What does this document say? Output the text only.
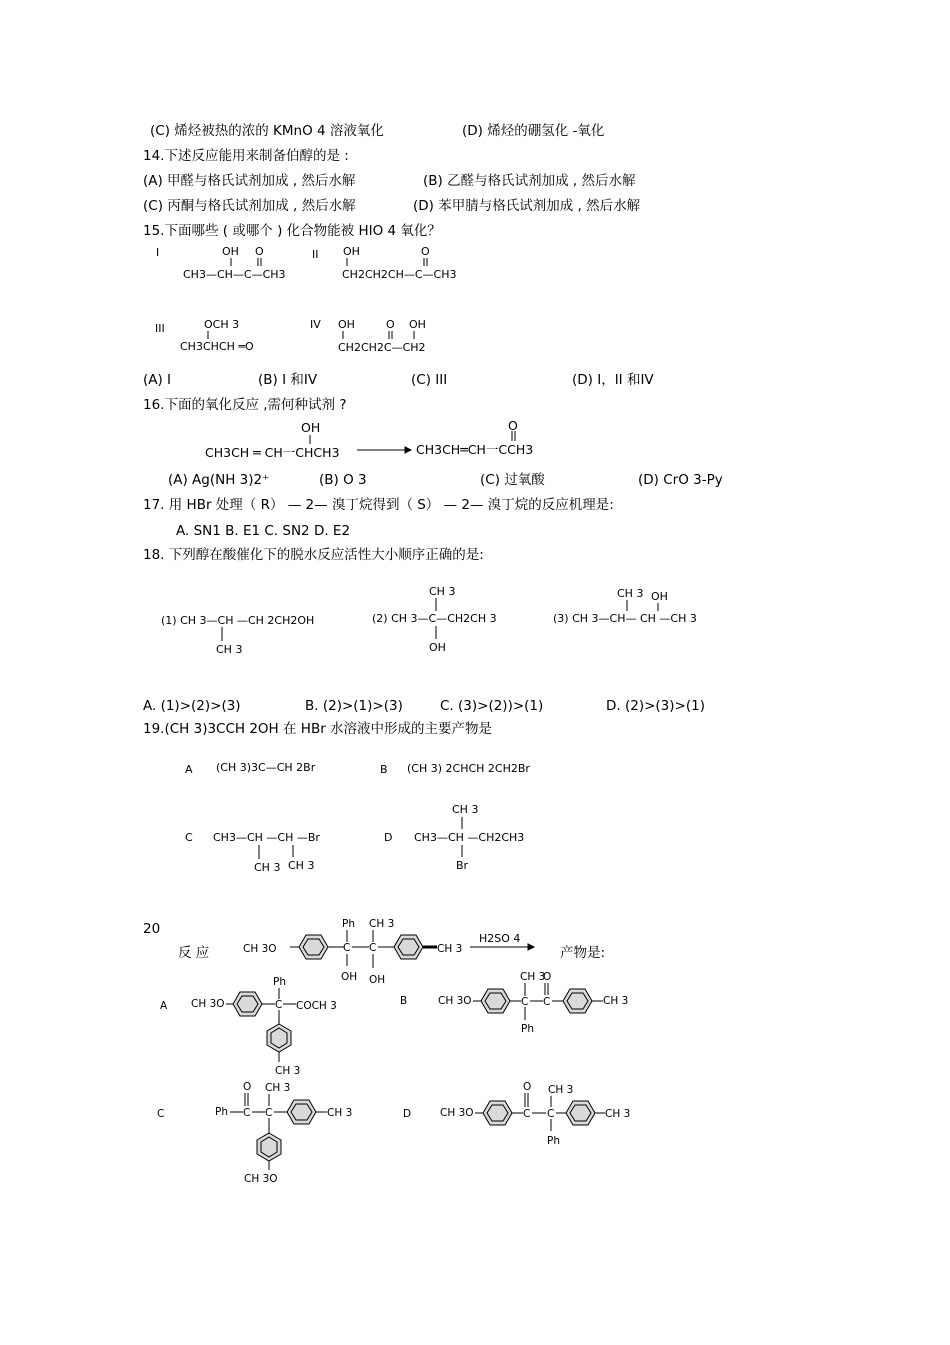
(C) 烯烃被热的浓的 KMnO 4 溶液氧化	(D) 烯烃的硼氢化 -氧化
14.下述反应能用来制备伯醇的是 :
(A) 甲醛与格氏试剂加成 , 然后水解	(B) 乙醛与格氏试剂加成 , 然后水解
(C) 丙酮与格氏试剂加成 , 然后水解	(D) 苯甲腈与格氏试剂加成 , 然后水解
15.下面哪些 ( 或哪个 ) 化合物能被 HIO 4 氧化？
I	II
III	IV
OH O
CH3—CH—C—CH3
OH	O
CH2CH2CH—C—CH3
OCH 3
CH3CHCH ═O
OH	O OH
CH2CH2C—CH2
(A) I	(B) I 和IV	(C) III	(D) I，II 和IV
16.下面的氧化反应 ,需何种试剂 ?
OH
CH3CH ═ CH一CHCH3
O
CH3CH═CH一CCH3
(A) Ag(NH 3)2⁺	(B) O 3	(C) 过氧酸	(D) CrO 3-Py
17. 用 HBr 处理（ R） — 2— 溴丁烷得到（ S） — 2— 溴丁烷的反应机理是:
A. SN1 B. E1 C. SN2 D. E2
18. 下列醇在酸催化下的脱水反应活性大小顺序正确的是:
(1) CH 3—CH —CH 2CH2OH
CH 3
CH 3
(2) CH 3—C—CH2CH 3
OH
CH 3 OH
(3) CH 3—CH— CH —CH 3
A. (1)>(2)>(3)	B. (2)>(1)>(3)	C. (3)>(2))>(1)	D. (2)>(3)>(1)
19.(CH 3)3CCH 2OH 在 HBr 水溶液中形成的主要产物是
A (CH 3)3C—CH 2Br	B (CH 3) 2CHCH 2CH2Br
C CH3—CH —CH —Br
CH 3 CH 3
D
CH 3
CH3—CH —CH2CH3
Br
20
反 应
H2SO 4
产物是:
CH 3O
Ph
C
OH
CH 3
C
OH
CH 3
A CH 3O
Ph
C COCH 3
CH 3
B	CH 3O
CH 3
C
Ph
O
C	CH 3
C	Ph
O
C
CH 3
C	CH 3
CH 3O
D	CH 3O
O
C
CH 3
C
Ph
CH 3
